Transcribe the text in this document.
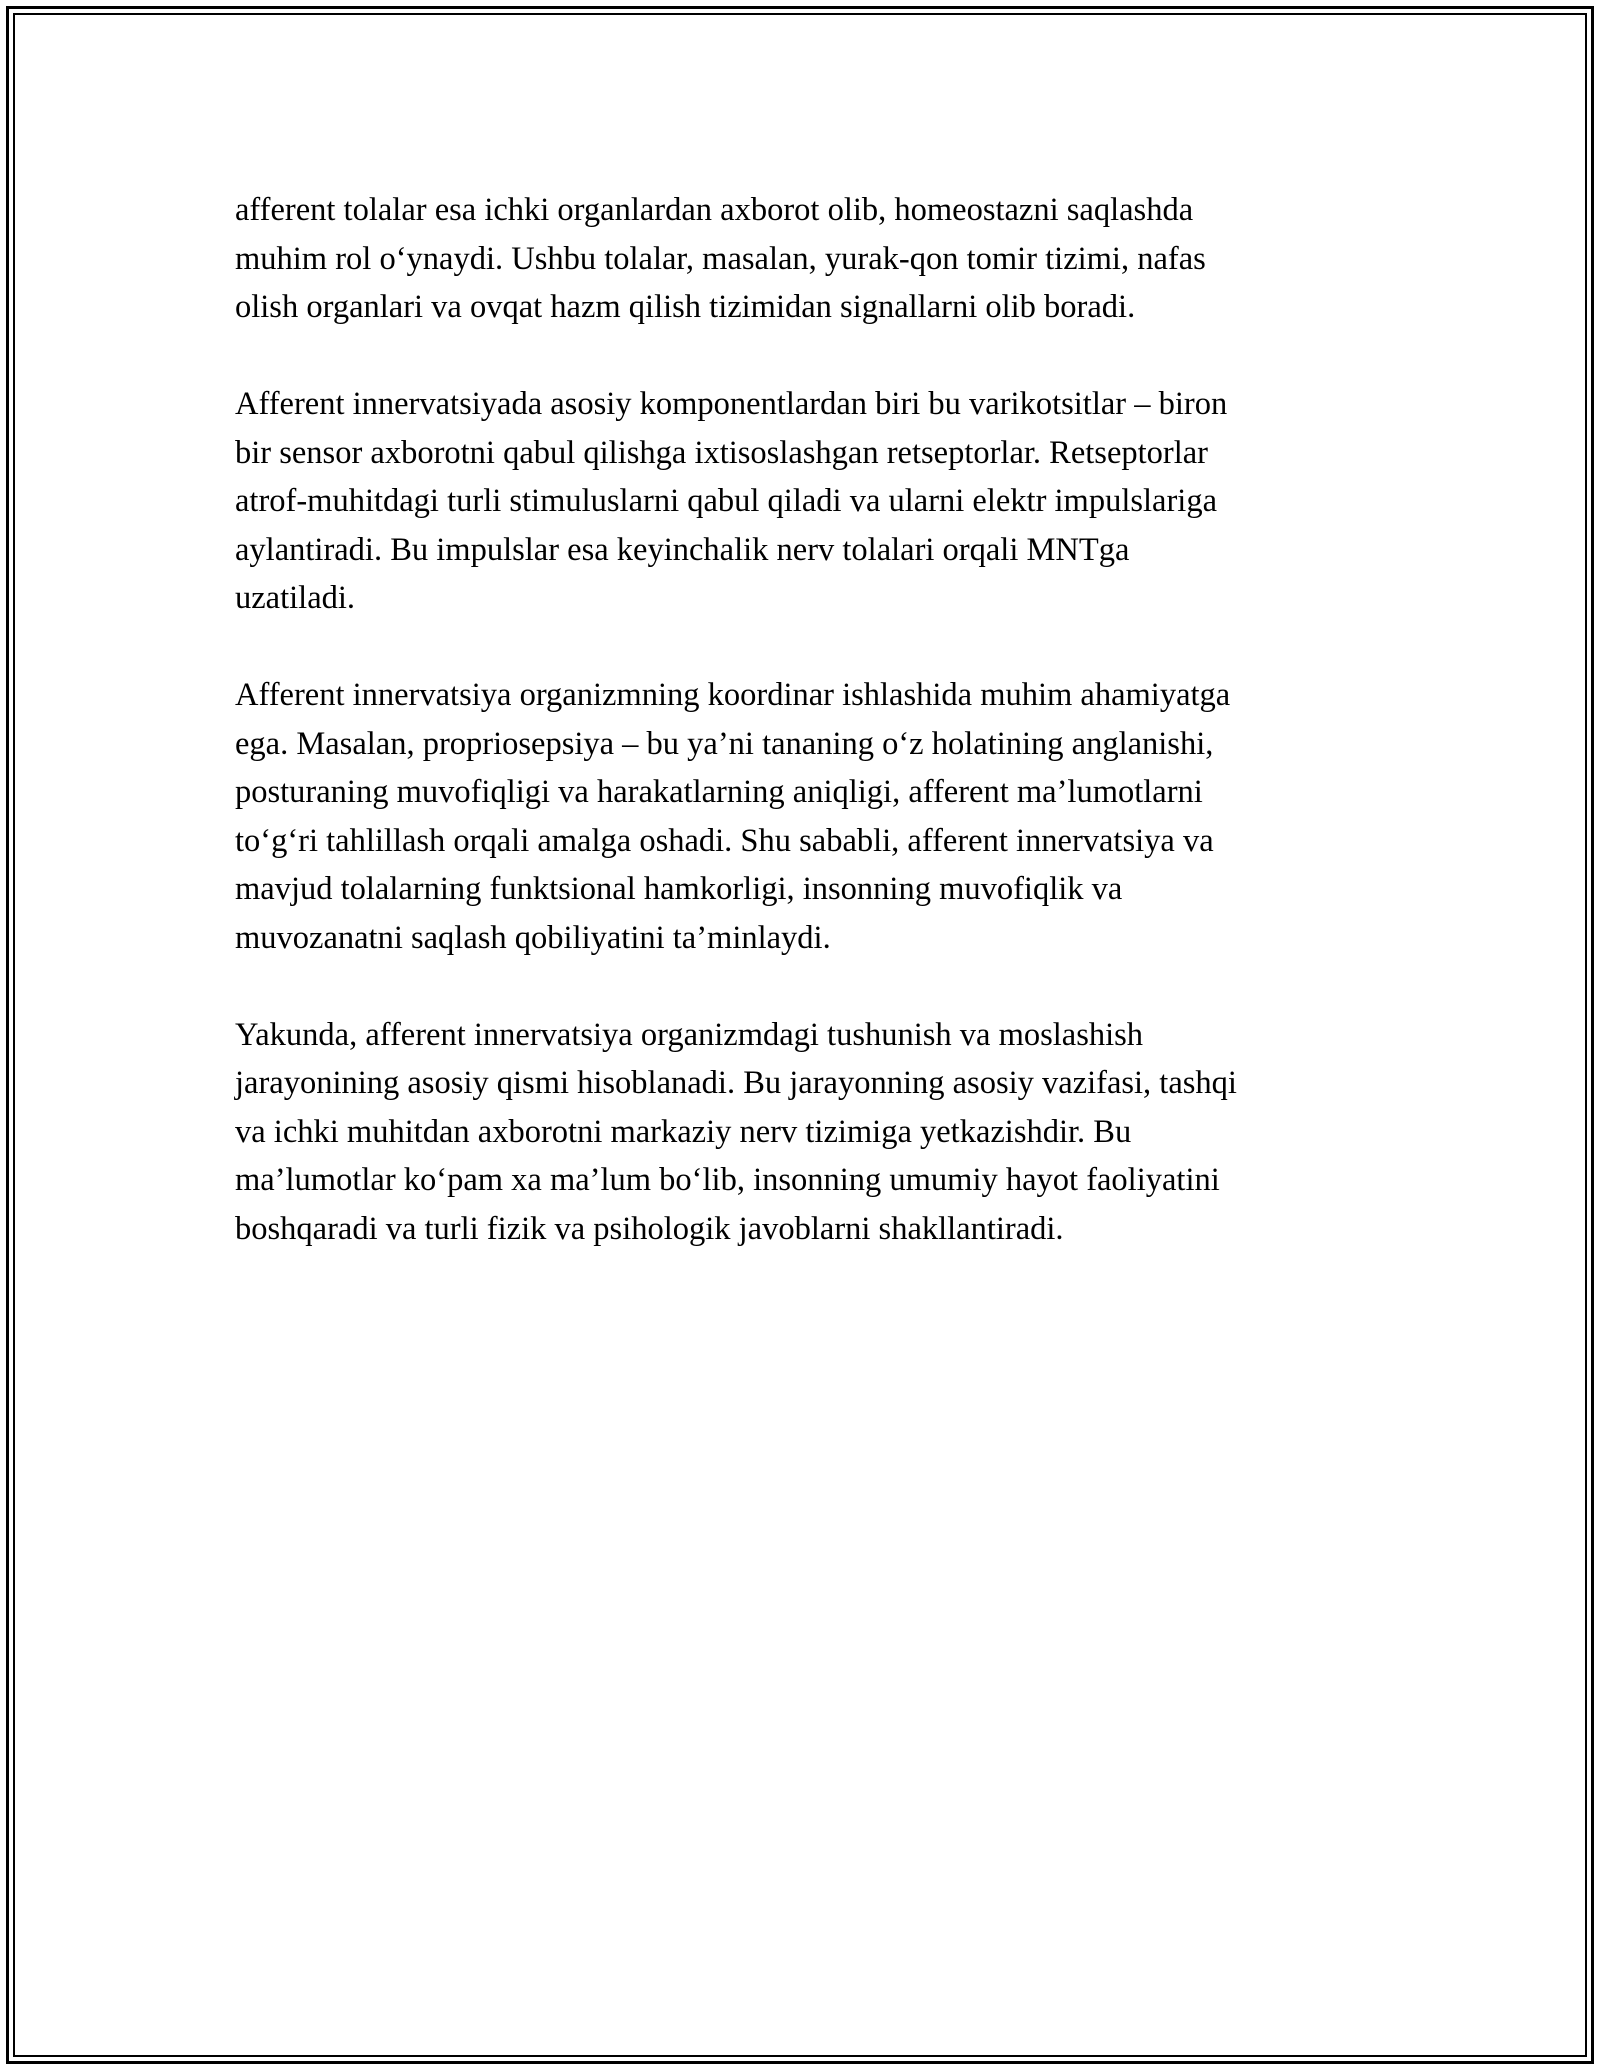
afferent tolalar esa ichki organlardan axborot olib, homeostazni saqlashda
muhim rol oʻynaydi. Ushbu tolalar, masalan, yurak-qon tomir tizimi, nafas
olish organlari va ovqat hazm qilish tizimidan signallarni olib boradi.

Afferent innervatsiyada asosiy komponentlardan biri bu varikotsitlar – biron
bir sensor axborotni qabul qilishga ixtisoslashgan retseptorlar. Retseptorlar
atrof-muhitdagi turli stimuluslarni qabul qiladi va ularni elektr impulslariga
aylantiradi. Bu impulslar esa keyinchalik nerv tolalari orqali MNTga
uzatiladi.

Afferent innervatsiya organizmning koordinar ishlashida muhim ahamiyatga
ega. Masalan, propriosepsiya – bu ya’ni tananing oʻz holatining anglanishi,
posturaning muvofiqligi va harakatlarning aniqligi, afferent ma’lumotlarni
toʻgʻri tahlillash orqali amalga oshadi. Shu sababli, afferent innervatsiya va
mavjud tolalarning funktsional hamkorligi, insonning muvofiqlik va
muvozanatni saqlash qobiliyatini ta’minlaydi.

Yakunda, afferent innervatsiya organizmdagi tushunish va moslashish
jarayonining asosiy qismi hisoblanadi. Bu jarayonning asosiy vazifasi, tashqi
va ichki muhitdan axborotni markaziy nerv tizimiga yetkazishdir. Bu
ma’lumotlar koʻpam xa ma’lum boʻlib, insonning umumiy hayot faoliyatini
boshqaradi va turli fizik va psihologik javoblarni shakllantiradi.
